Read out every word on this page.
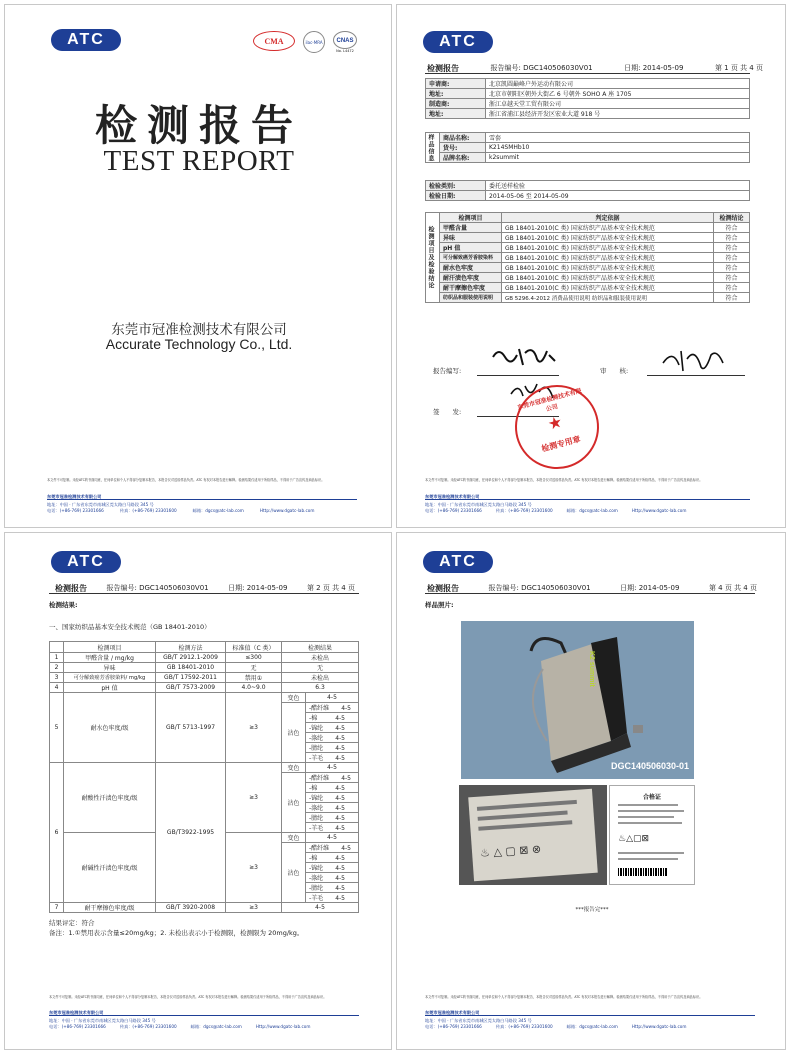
ATC	CMA	ilac-MRA	CNAS
No. L4472
检测报告
TEST REPORT
东莞市冠准检测技术有限公司
Accurate Technology Co., Ltd.
本文件不可复制。未经ATC的书面同意，任何单位和个人不得部分复制本报告，本报告仅对送检样品负责。ATC 有权对本报告进行解释。检测结果仅适用于所检样品，不得用于广告宣传及商品标识。
东莞市冠准检测技术有限公司
地址：中国 · 广东省东莞市南城区莞太路白马路段 345 号
电话：(+86-769) 23301666	传真：(+86-769) 23301600	邮箱：dgcs@atc-lab.com	Http://www.dgatc-lab.com
ATC
检测报告	报告编号: DGC140506030V01	日期: 2014-05-09	第 1 页 共 4 页
申请商:	北京凯圆巅峰户外运动有限公司
地址:	北京市朝阳区朝外大街乙 6 号朝外 SOHO A 座 1705
制造商:	浙江卓越天堂工贸有限公司
地址:	浙江省浦江县经济开发区宏业大道 918 号
样品信息	商品名称:	雪套
	货号:	K214SMHb10
	品牌名称:	k2summit
检验类别:	委托送样检验
检验日期:	2014-05-06 至 2014-05-09
检测项目及检验结论	检测项目	判定依据	检测结论
	甲醛含量	GB 18401-2010(C 类) 国家纺织产品基本安全技术规范	符合
	异味	GB 18401-2010(C 类) 国家纺织产品基本安全技术规范	符合
	pH 值	GB 18401-2010(C 类) 国家纺织产品基本安全技术规范	符合
	可分解致癌芳香胺染料	GB 18401-2010(C 类) 国家纺织产品基本安全技术规范	符合
	耐水色牢度	GB 18401-2010(C 类) 国家纺织产品基本安全技术规范	符合
	耐汗渍色牢度	GB 18401-2010(C 类) 国家纺织产品基本安全技术规范	符合
	耐干摩擦色牢度	GB 18401-2010(C 类) 国家纺织产品基本安全技术规范	符合
	纺织品和服装使用说明	GB 5296.4-2012 消费品使用说明 纺织品和服装使用说明	符合
报告编写:	审　　核:
签　　发:
东莞市冠准检测技术有限公司
★
检测专用章
本文件不可复制。未经ATC的书面同意，任何单位和个人不得部分复制本报告，本报告仅对送检样品负责。ATC 有权对本报告进行解释。检测结果仅适用于所检样品，不得用于广告宣传及商品标识。
东莞市冠准检测技术有限公司
地址：中国 · 广东省东莞市南城区莞太路白马路段 345 号
电话：(+86-769) 23301666	传真：(+86-769) 23301600	邮箱：dgcs@atc-lab.com	Http://www.dgatc-lab.com
ATC
检测报告	报告编号: DGC140506030V01	日期: 2014-05-09	第 2 页 共 4 页
检测结果:
一、国家纺织品基本安全技术规范（GB 18401-2010）
	检测项目	检测方法	标准值（C 类）	检测结果	
1	甲醛含量 / mg/kg	GB/T 2912.1-2009	≤300	未检出	
2	异味	GB 18401-2010	无	无	
3	可分解致癌芳香胺染料/ mg/kg	GB/T 17592-2011	禁用①	未检出	
4	pH 值	GB/T 7573-2009	4.0~9.0	6.3	
5	耐水色牢度/级	GB/T 5713-1997	≥3	变色	4-5
				沾色	-醋纤维　　 4-5
					-棉　　　 4-5
					-锦纶　　 4-5
					-涤纶　　 4-5
					-腈纶　　 4-5
					-羊毛　　 4-5
6	耐酸性汗渍色牢度/级	GB/T3922-1995	≥3	变色	4-5
				沾色	-醋纤维　　 4-5
					-棉　　　 4-5
					-锦纶　　 4-5
					-涤纶　　 4-5
					-腈纶　　 4-5
					-羊毛　　 4-5
	耐碱性汗渍色牢度/级		≥3	变色	4-5
				沾色	-醋纤维　　 4-5
					-棉　　　 4-5
					-锦纶　　 4-5
					-涤纶　　 4-5
					-腈纶　　 4-5
					-羊毛　　 4-5
7	耐干摩擦色牢度/级	GB/T 3920-2008	≥3	4-5	
结果评定：符合
备注：1.①禁用表示含量≤20mg/kg；2. 未检出表示小于检测限，检测限为 20mg/kg。
本文件不可复制。未经ATC的书面同意，任何单位和个人不得部分复制本报告，本报告仅对送检样品负责。ATC 有权对本报告进行解释。检测结果仅适用于所检样品，不得用于广告宣传及商品标识。
东莞市冠准检测技术有限公司
地址：中国 · 广东省东莞市南城区莞太路白马路段 345 号
电话：(+86-769) 23301666	传真：(+86-769) 23301600	邮箱：dgcs@atc-lab.com	Http://www.dgatc-lab.com
ATC
检测报告	报告编号: DGC140506030V01	日期: 2014-05-09	第 4 页 共 4 页
样品照片:
K2 summit
DGC140506030-01
♨ △ ▢ ⊠ ⊗
合格证
♨△▢⊠
***报告完***
本文件不可复制。未经ATC的书面同意，任何单位和个人不得部分复制本报告，本报告仅对送检样品负责。ATC 有权对本报告进行解释。检测结果仅适用于所检样品，不得用于广告宣传及商品标识。
东莞市冠准检测技术有限公司
地址：中国 · 广东省东莞市南城区莞太路白马路段 345 号
电话：(+86-769) 23301666	传真：(+86-769) 23301600	邮箱：dgcs@atc-lab.com	Http://www.dgatc-lab.com
